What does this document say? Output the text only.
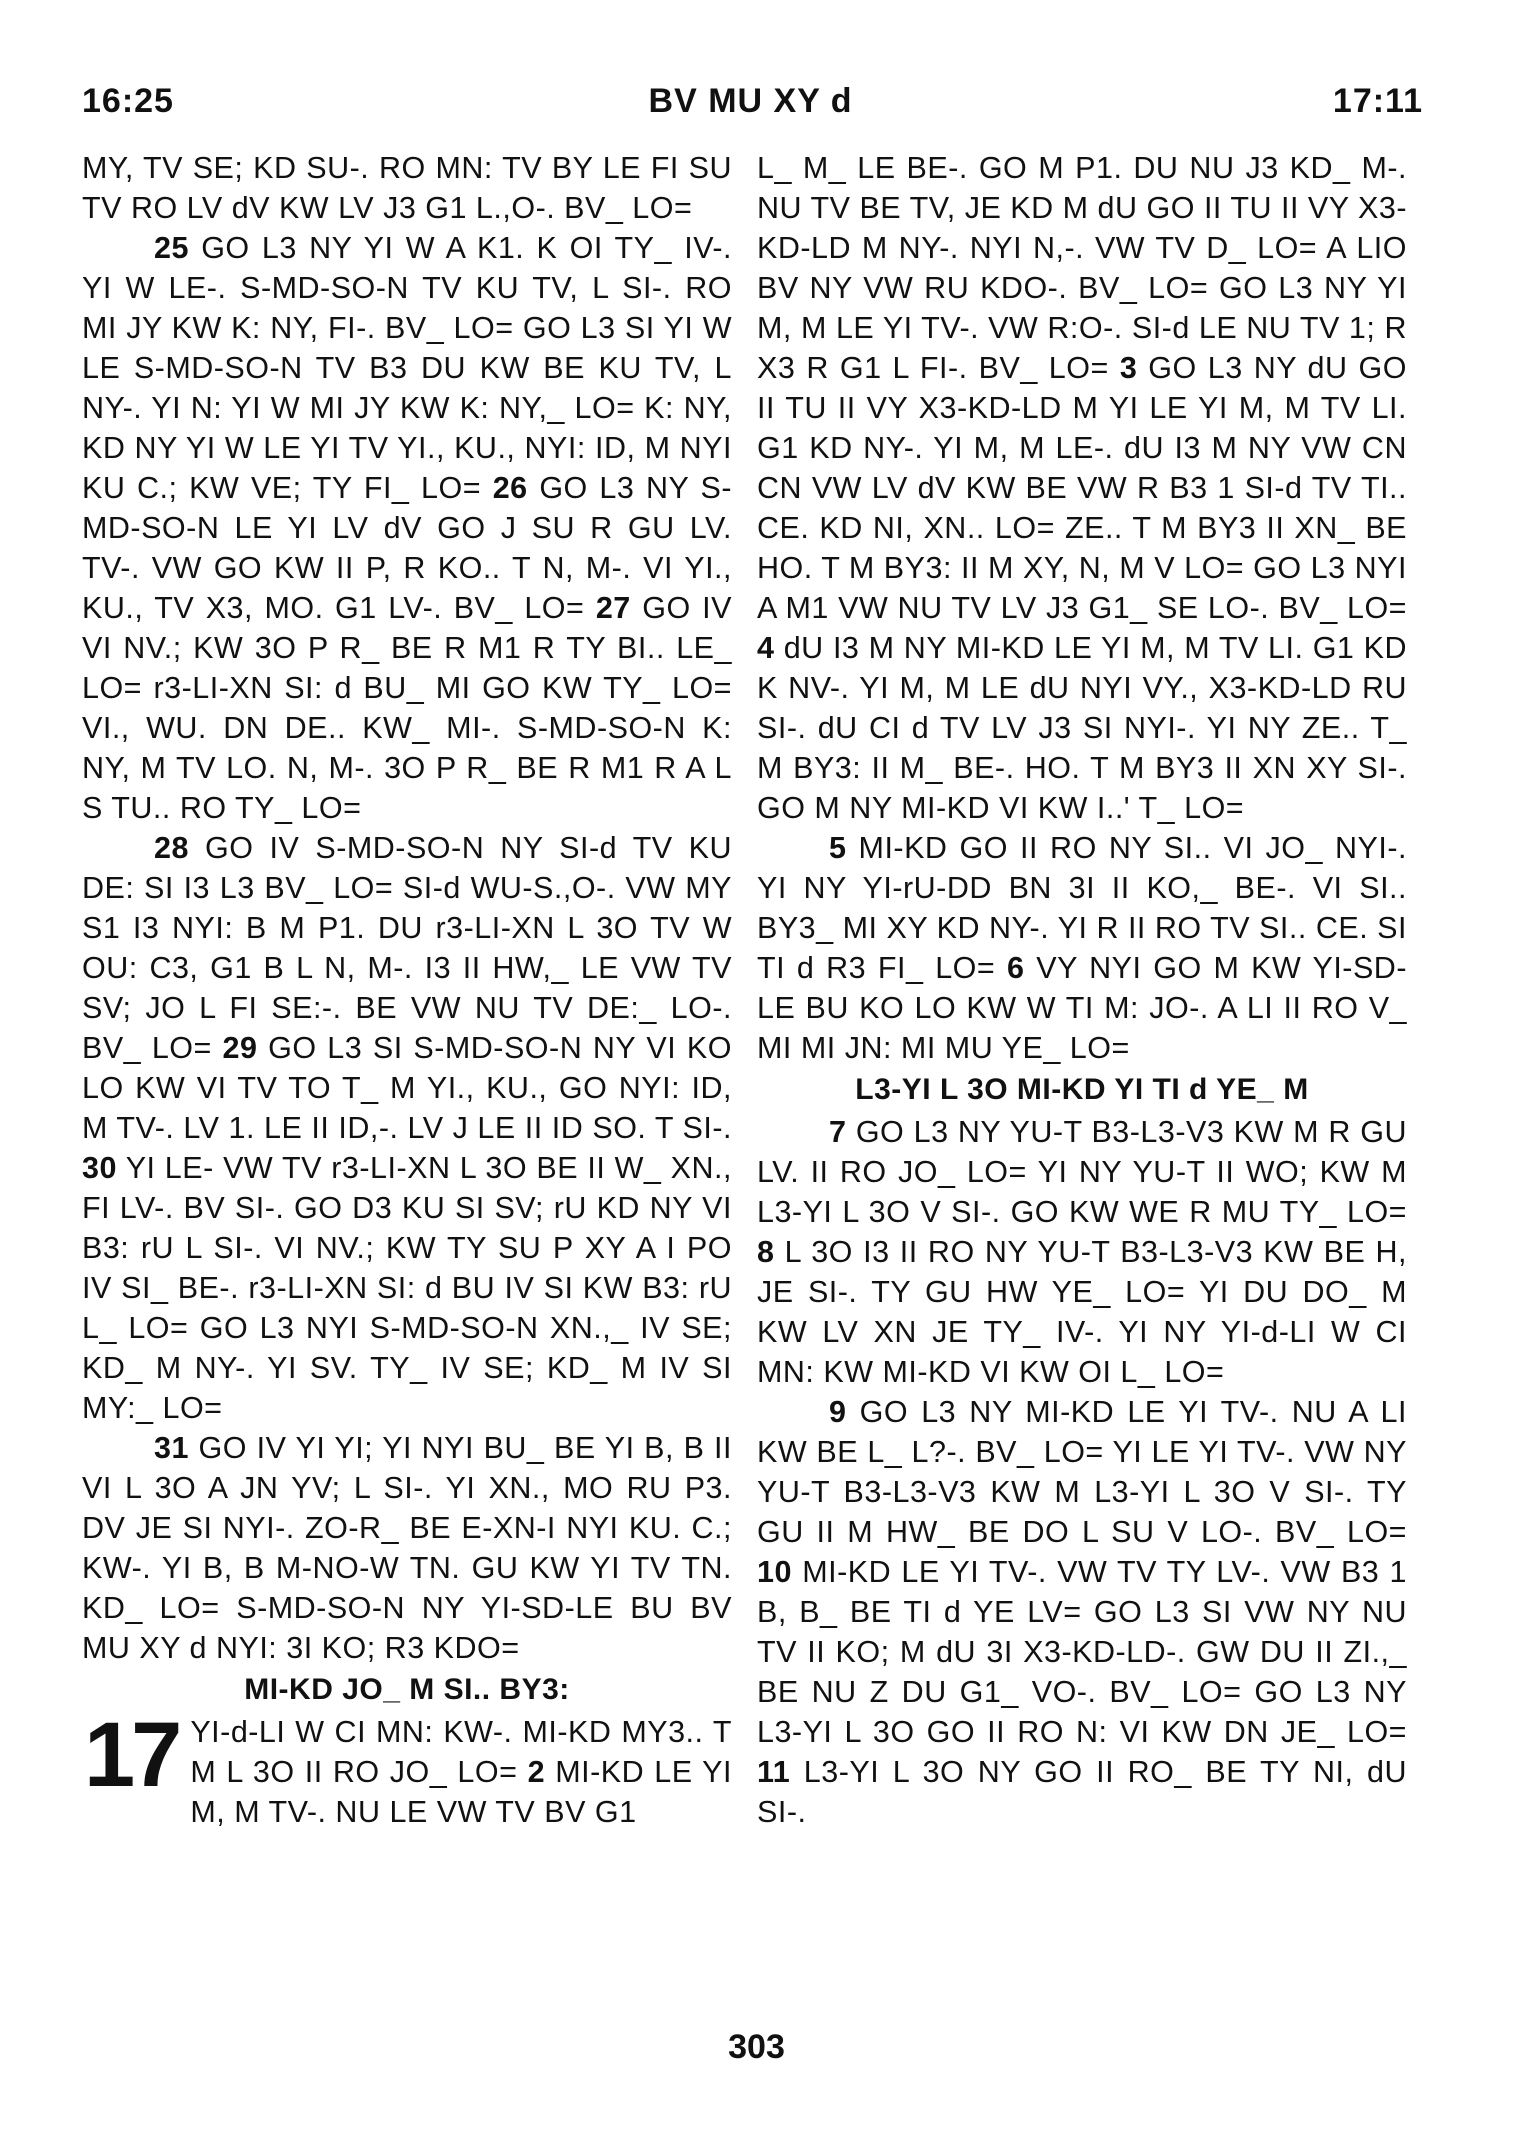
16:25	BV MU XY d	17:11

MY, TV SE; KD SU-. RO MN: TV BY LE FI SU TV RO LV dV KW LV J3 G1 L.,O-. BV_ LO=

25 GO L3 NY YI W A K1. K OI TY_ IV-. YI W LE-. S-MD-SO-N TV KU TV, L SI-. RO MI JY KW K: NY, FI-. BV_ LO= GO L3 SI YI W LE S-MD-SO-N TV B3 DU KW BE KU TV, L NY-. YI N: YI W MI JY KW K: NY,_ LO= K: NY, KD NY YI W LE YI TV YI., KU., NYI: ID, M NYI KU C.; KW VE; TY FI_ LO= 26 GO L3 NY S-MD-SO-N LE YI LV dV GO J SU R GU LV. TV-. VW GO KW II P, R KO.. T N, M-. VI YI., KU., TV X3, MO. G1 LV-. BV_ LO= 27 GO IV VI NV.; KW 3O P R_ BE R M1 R TY BI.. LE_ LO= r3-LI-XN SI: d BU_ MI GO KW TY_ LO= VI., WU. DN DE.. KW_ MI-. S-MD-SO-N K: NY, M TV LO. N, M-. 3O P R_ BE R M1 R A L S TU.. RO TY_ LO=

28 GO IV S-MD-SO-N NY SI-d TV KU DE: SI I3 L3 BV_ LO= SI-d WU-S.,O-. VW MY S1 I3 NYI: B M P1. DU r3-LI-XN L 3O TV W OU: C3, G1 B L N, M-. I3 II HW,_ LE VW TV SV; JO L FI SE:-. BE VW NU TV DE:_ LO-. BV_ LO= 29 GO L3 SI S-MD-SO-N NY VI KO LO KW VI TV TO T_ M YI., KU., GO NYI: ID, M TV-. LV 1. LE II ID,-. LV J LE II ID SO. T SI-. 30 YI LE- VW TV r3-LI-XN L 3O BE II W_ XN., FI LV-. BV SI-. GO D3 KU SI SV; rU KD NY VI B3: rU L SI-. VI NV.; KW TY SU P XY A I PO IV SI_ BE-. r3-LI-XN SI: d BU IV SI KW B3: rU L_ LO= GO L3 NYI S-MD-SO-N XN.,_ IV SE; KD_ M NY-. YI SV. TY_ IV SE; KD_ M IV SI MY:_ LO=

31 GO IV YI YI; YI NYI BU_ BE YI B, B II VI L 3O A JN YV; L SI-. YI XN., MO RU P3. DV JE SI NYI-. ZO-R_ BE E-XN-I NYI KU. C.; KW-. YI B, B M-NO-W TN. GU KW YI TV TN. KD_ LO= S-MD-SO-N NY YI-SD-LE BU BV MU XY d NYI: 3I KO; R3 KDO=

MI-KD JO_ M SI.. BY3:
17 YI-d-LI W CI MN: KW-. MI-KD MY3.. T M L 3O II RO JO_ LO= 2 MI-KD LE YI M, M TV-. NU LE VW TV BV G1

L_ M_ LE BE-. GO M P1. DU NU J3 KD_ M-. NU TV BE TV, JE KD M dU GO II TU II VY X3-KD-LD M NY-. NYI N,-. VW TV D_ LO= A LIO BV NY VW RU KDO-. BV_ LO= GO L3 NY YI M, M LE YI TV-. VW R:O-. SI-d LE NU TV 1; R X3 R G1 L FI-. BV_ LO= 3 GO L3 NY dU GO II TU II VY X3-KD-LD M YI LE YI M, M TV LI. G1 KD NY-. YI M, M LE-. dU I3 M NY VW CN CN VW LV dV KW BE VW R B3 1 SI-d TV TI.. CE. KD NI, XN.. LO= ZE.. T M BY3 II XN_ BE HO. T M BY3: II M XY, N, M V LO= GO L3 NYI A M1 VW NU TV LV J3 G1_ SE LO-. BV_ LO= 4 dU I3 M NY MI-KD LE YI M, M TV LI. G1 KD K NV-. YI M, M LE dU NYI VY., X3-KD-LD RU SI-. dU CI d TV LV J3 SI NYI-. YI NY ZE.. T_ M BY3: II M_ BE-. HO. T M BY3 II XN XY SI-. GO M NY MI-KD VI KW I..' T_ LO=

5 MI-KD GO II RO NY SI.. VI JO_ NYI-. YI NY YI-rU-DD BN 3I II KO,_ BE-. VI SI.. BY3_ MI XY KD NY-. YI R II RO TV SI.. CE. SI TI d R3 FI_ LO= 6 VY NYI GO M KW YI-SD-LE BU KO LO KW W TI M: JO-. A LI II RO V_ MI MI JN: MI MU YE_ LO=

L3-YI L 3O MI-KD YI TI d YE_ M

7 GO L3 NY YU-T B3-L3-V3 KW M R GU LV. II RO JO_ LO= YI NY YU-T II WO; KW M L3-YI L 3O V SI-. GO KW WE R MU TY_ LO= 8 L 3O I3 II RO NY YU-T B3-L3-V3 KW BE H, JE SI-. TY GU HW YE_ LO= YI DU DO_ M KW LV XN JE TY_ IV-. YI NY YI-d-LI W CI MN: KW MI-KD VI KW OI L_ LO=

9 GO L3 NY MI-KD LE YI TV-. NU A LI KW BE L_ L?-. BV_ LO= YI LE YI TV-. VW NY YU-T B3-L3-V3 KW M L3-YI L 3O V SI-. TY GU II M HW_ BE DO L SU V LO-. BV_ LO= 10 MI-KD LE YI TV-. VW TV TY LV-. VW B3 1 B, B_ BE TI d YE LV= GO L3 SI VW NY NU TV II KO; M dU 3I X3-KD-LD-. GW DU II ZI.,_ BE NU Z DU G1_ VO-. BV_ LO= GO L3 NY L3-YI L 3O GO II RO N: VI KW DN JE_ LO= 11 L3-YI L 3O NY GO II RO_ BE TY NI, dU SI-.

303
